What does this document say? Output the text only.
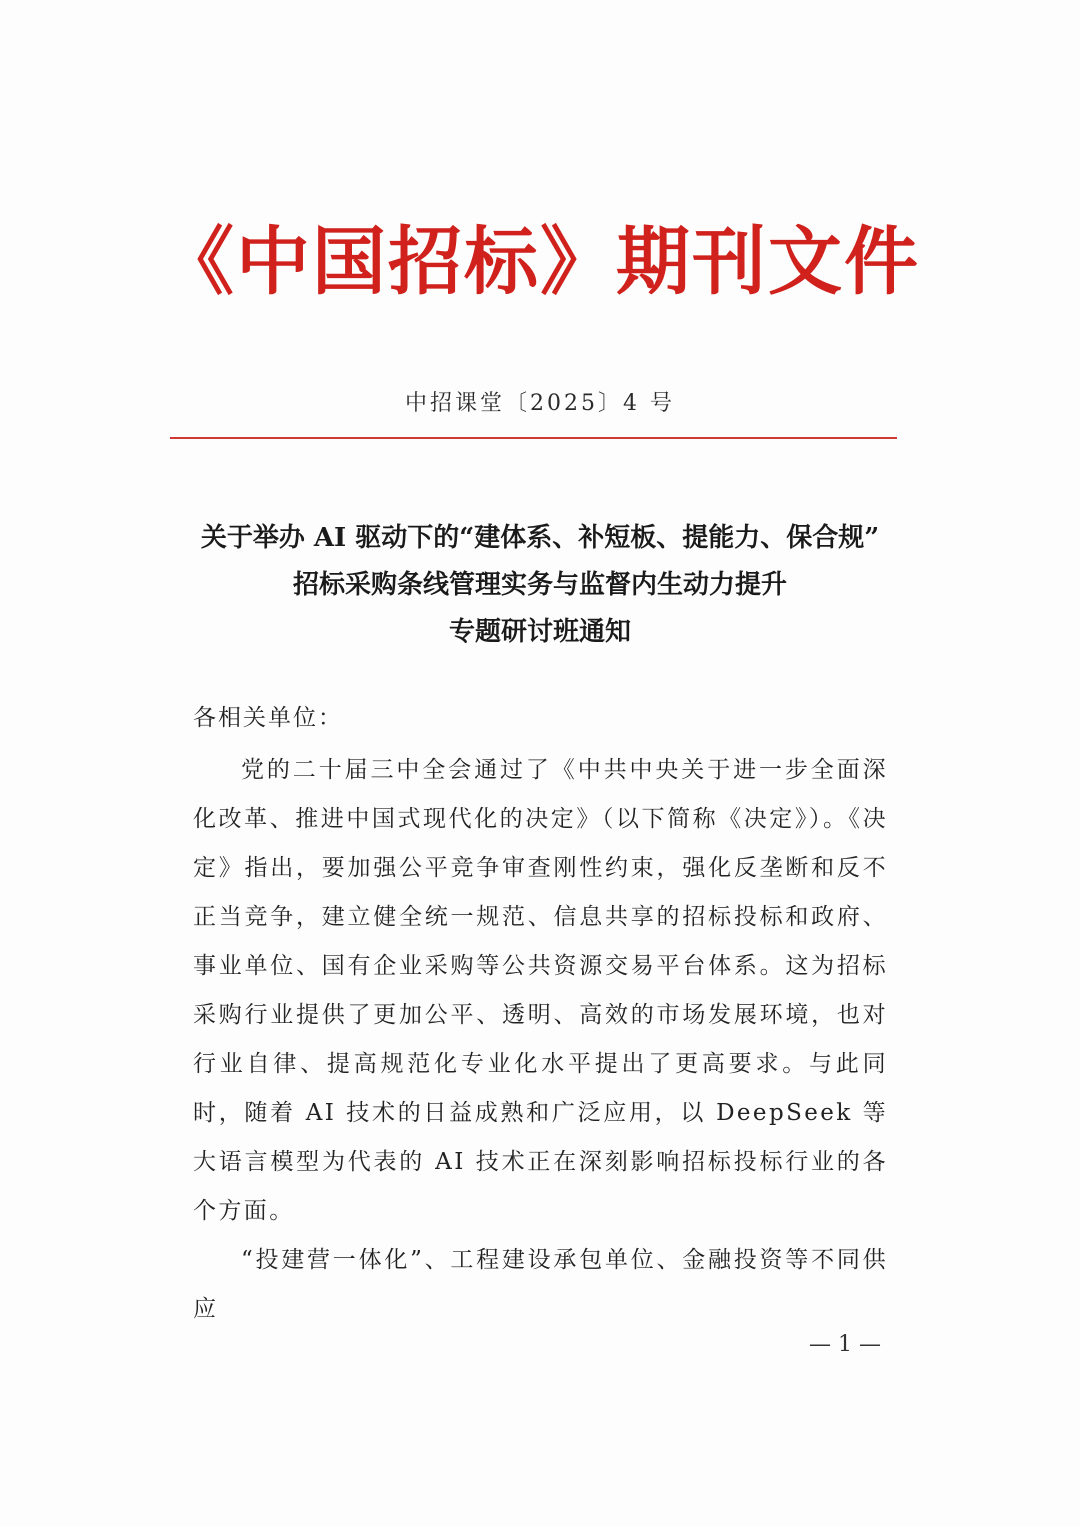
《中国招标》期刊文件
中招课堂〔2025〕4 号
关于举办 AI 驱动下的“建体系、补短板、提能力、保合规”
招标采购条线管理实务与监督内生动力提升
专题研讨班通知
各相关单位：

党的二十届三中全会通过了《中共中央关于进一步全面深化改革、推进中国式现代化的决定》（以下简称《决定》）。《决定》指出，要加强公平竞争审查刚性约束，强化反垄断和反不正当竞争，建立健全统一规范、信息共享的招标投标和政府、事业单位、国有企业采购等公共资源交易平台体系。这为招标采购行业提供了更加公平、透明、高效的市场发展环境，也对行业自律、提高规范化专业化水平提出了更高要求。与此同时，随着 AI 技术的日益成熟和广泛应用，以 DeepSeek 等大语言模型为代表的 AI 技术正在深刻影响招标投标行业的各个方面。

“投建营一体化”、工程建设承包单位、金融投资等不同供应

— 1 —
